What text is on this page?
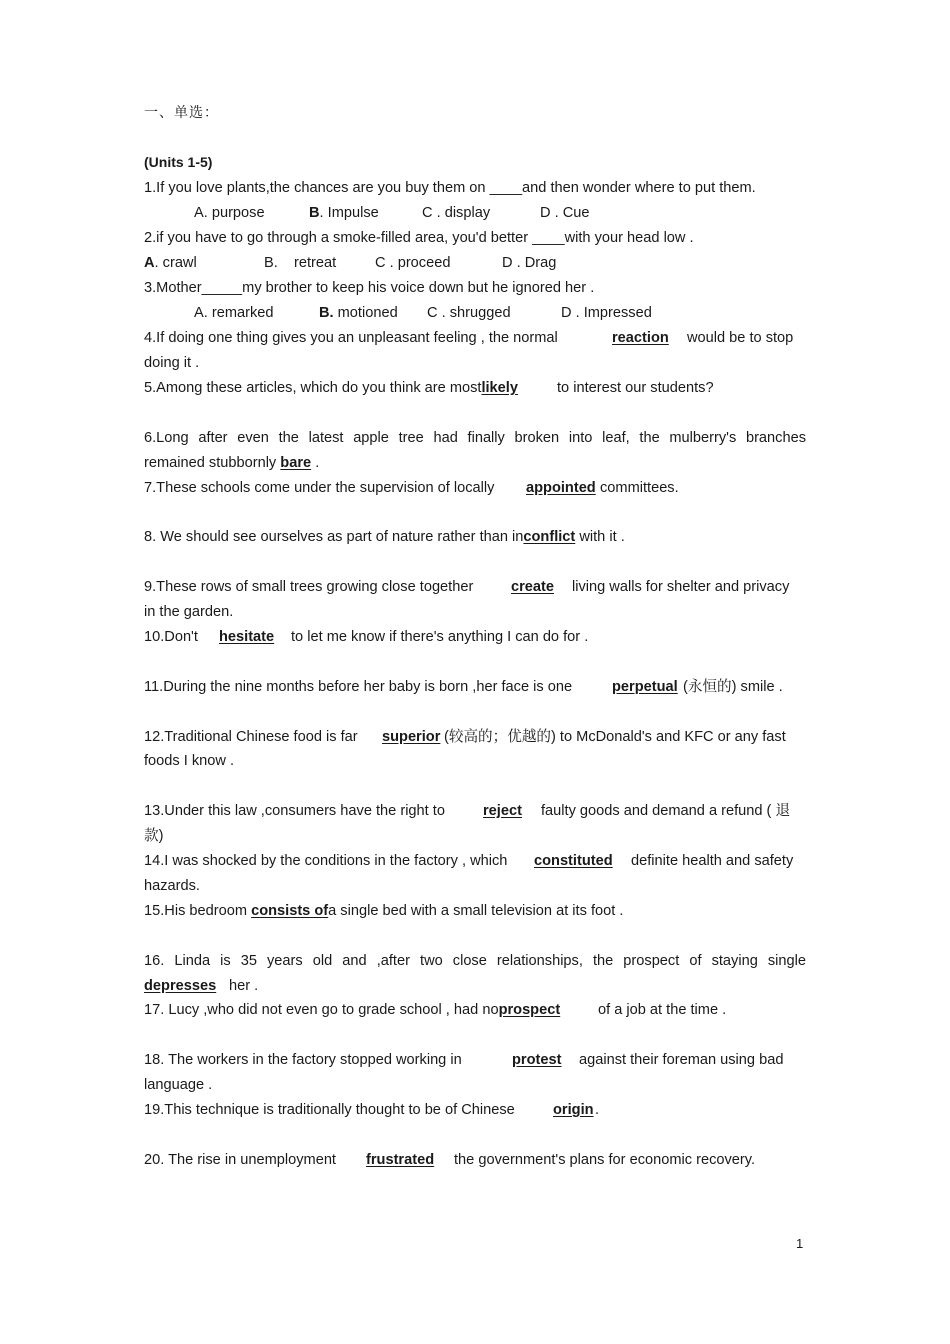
一、单选：
(Units 1-5)
1.If you love plants,the chances are you buy them on ____and then wonder where to put them.
A. purpose	B. Impulse	C . display	D . Cue
2.if you have to go through a smoke-filled area, you'd better ____with your head low .
A. crawl	B.    retreat	C . proceed	D . Drag
3.Mother_____my brother to keep his voice down but he ignored her .
A. remarked	B. motioned C . shrugged	D . Impressed
4.If doing one thing gives you an unpleasant feeling , the normal	reaction would be to stop
doing it .
5.Among these articles, which do you think are mostlikely	to interest our students?
6.Long after even the latest apple tree had finally broken into leaf, the mulberry's branches
remained stubbornly bare .
7.These schools come under the supervision of locally appointed committees.
8. We should see ourselves as part of nature rather than inconflict with it .
9.These rows of small trees growing close together	create living walls for shelter and privacy
in the garden.
10.Don't hesitate to let me know if there's anything I can do for .
11.During the nine months before her baby is born ,her face is one	perpetual (永恒的) smile .
12.Traditional Chinese food is far superior (较高的；优越的) to McDonald's and KFC or any fast
foods I know .
13.Under this law ,consumers have the right to	reject faulty goods and demand a refund ( 退
款)
14.I was shocked by the conditions in the factory , which constituted definite health and safety
hazards.
15.His bedroom consists ofa single bed with a small television at its foot .
16. Linda is 35 years old and ,after two close relationships, the prospect of staying single
depresses her .
17. Lucy ,who did not even go to grade school , had noprospect	of a job at the time .
18. The workers in the factory stopped working in	protest against their foreman using bad
language .
19.This technique is traditionally thought to be of Chinese	origin .
20. The rise in unemployment frustrated the government's plans for economic recovery.
1
